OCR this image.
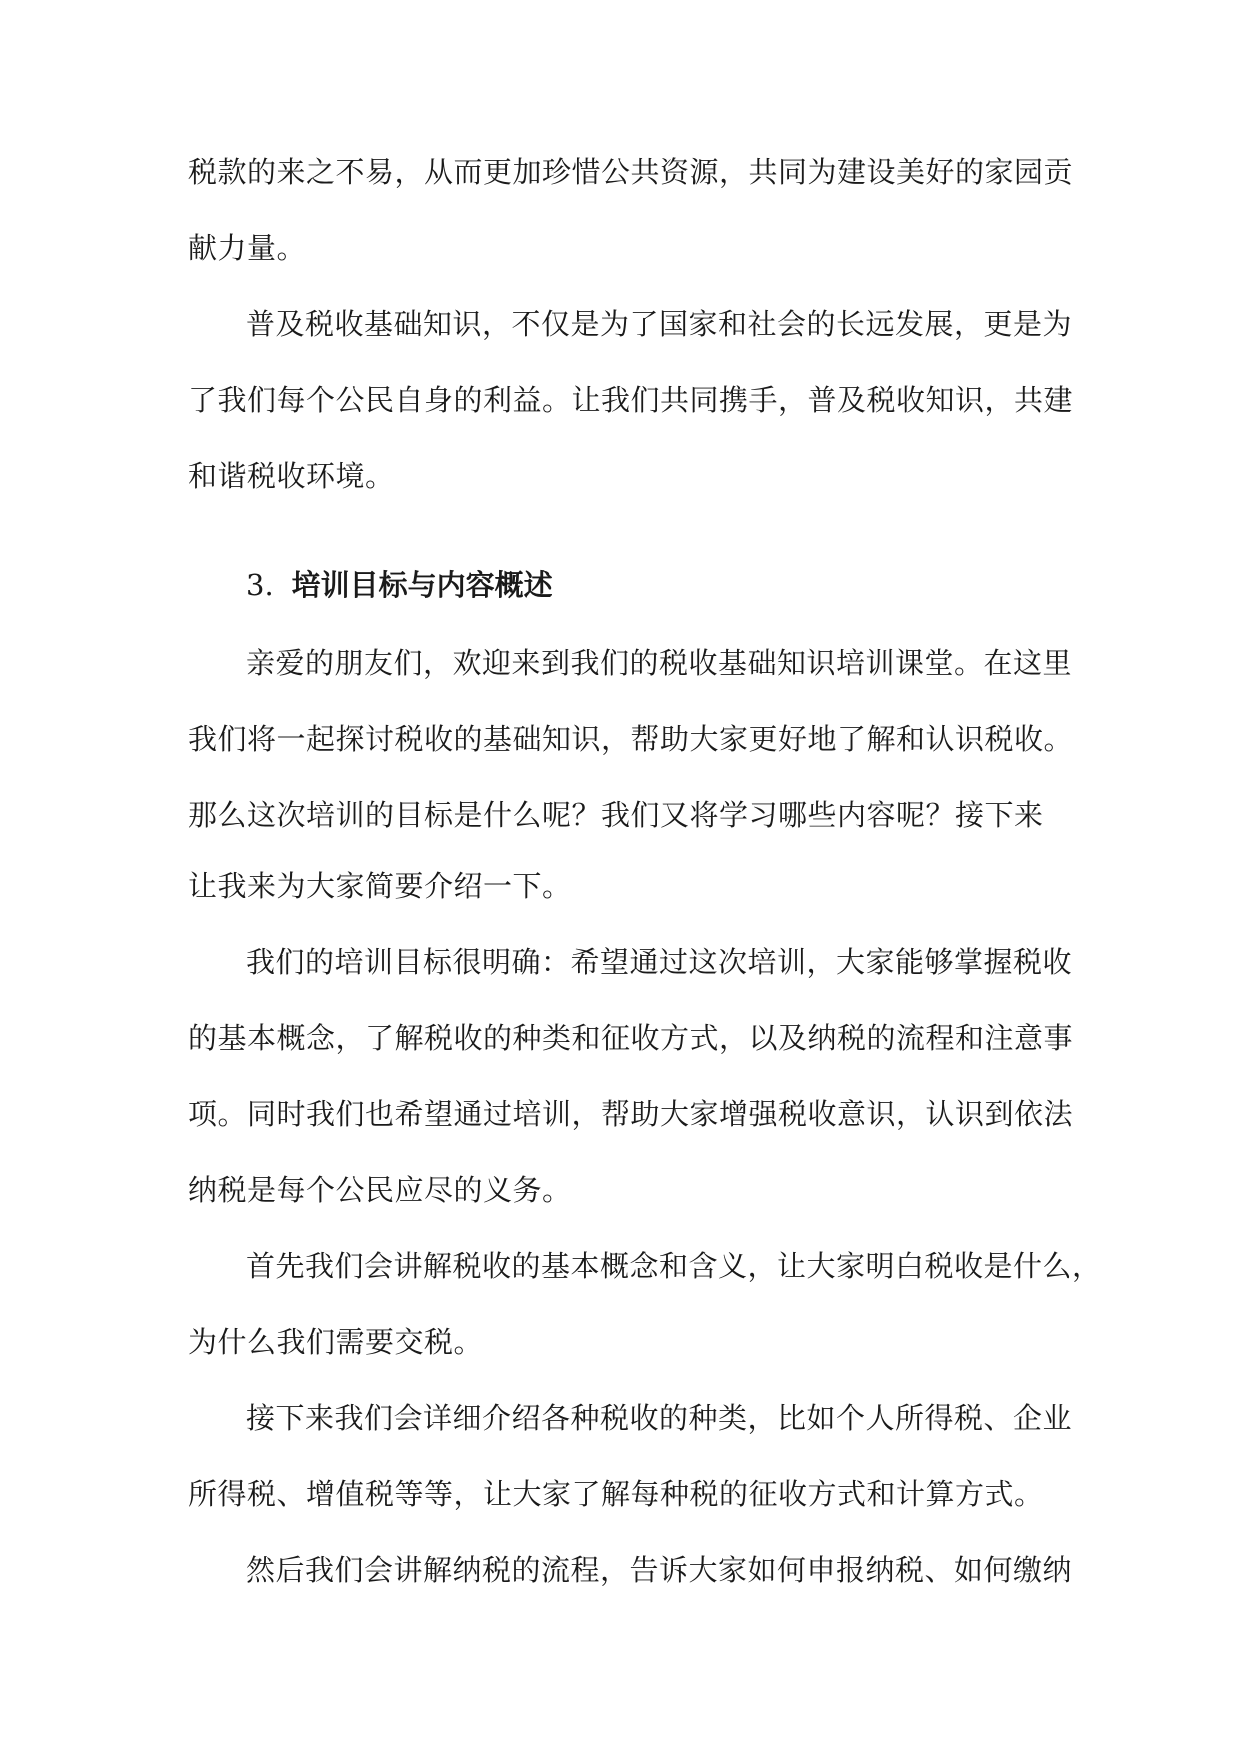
税款的来之不易，从而更加珍惜公共资源，共同为建设美好的家园贡
献力量。
普及税收基础知识，不仅是为了国家和社会的长远发展，更是为
了我们每个公民自身的利益。让我们共同携手，普及税收知识，共建
和谐税收环境。
3. 培训目标与内容概述
亲爱的朋友们，欢迎来到我们的税收基础知识培训课堂。在这里
我们将一起探讨税收的基础知识，帮助大家更好地了解和认识税收。
那么这次培训的目标是什么呢？我们又将学习哪些内容呢？接下来
让我来为大家简要介绍一下。
我们的培训目标很明确：希望通过这次培训，大家能够掌握税收
的基本概念，了解税收的种类和征收方式，以及纳税的流程和注意事
项。同时我们也希望通过培训，帮助大家增强税收意识，认识到依法
纳税是每个公民应尽的义务。
首先我们会讲解税收的基本概念和含义，让大家明白税收是什么，
为什么我们需要交税。
接下来我们会详细介绍各种税收的种类，比如个人所得税、企业
所得税、增值税等等，让大家了解每种税的征收方式和计算方式。
然后我们会讲解纳税的流程，告诉大家如何申报纳税、如何缴纳
